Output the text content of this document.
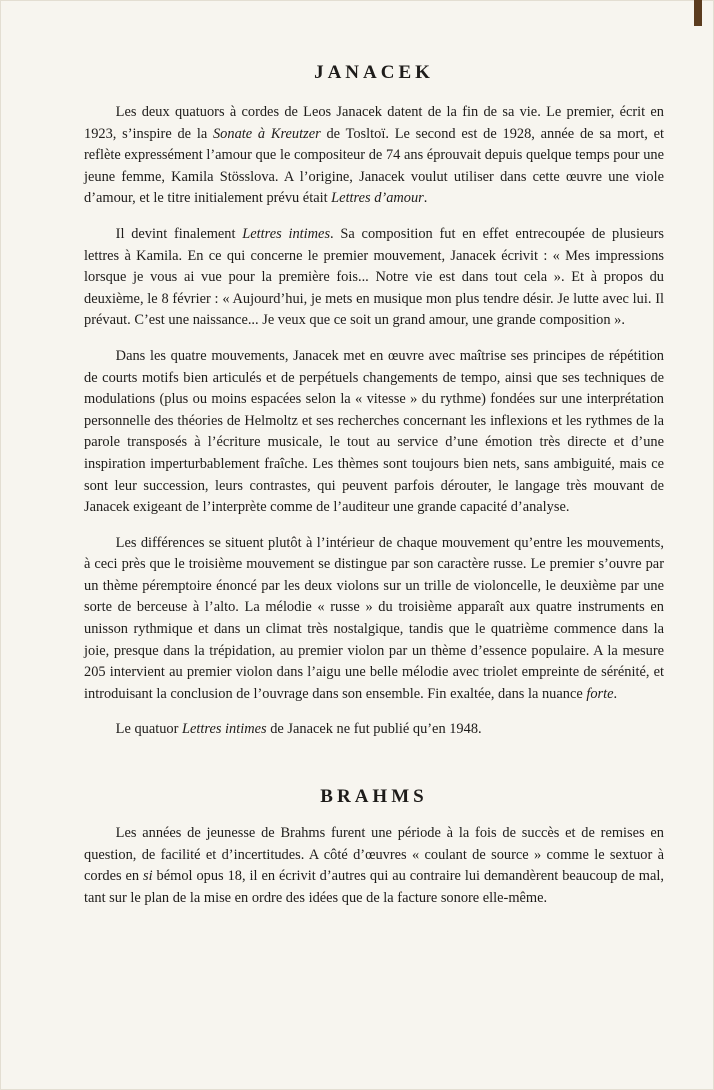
JANACEK

Les deux quatuors à cordes de Leos Janacek datent de la fin de sa vie. Le premier, écrit en 1923, s’inspire de la Sonate à Kreutzer de Tosltoï. Le second est de 1928, année de sa mort, et reflète expressément l’amour que le compositeur de 74 ans éprouvait depuis quelque temps pour une jeune femme, Kamila Stösslova. A l’origine, Janacek voulut utiliser dans cette œuvre une viole d’amour, et le titre initialement prévu était Lettres d’amour.

Il devint finalement Lettres intimes. Sa composition fut en effet entrecoupée de plusieurs lettres à Kamila. En ce qui concerne le premier mouvement, Janacek écrivit : « Mes impressions lorsque je vous ai vue pour la première fois... Notre vie est dans tout cela ». Et à propos du deuxième, le 8 février : « Aujourd’hui, je mets en musique mon plus tendre désir. Je lutte avec lui. Il prévaut. C’est une naissance... Je veux que ce soit un grand amour, une grande composition ».

Dans les quatre mouvements, Janacek met en œuvre avec maîtrise ses principes de répétition de courts motifs bien articulés et de perpétuels changements de tempo, ainsi que ses techniques de modulations (plus ou moins espacées selon la « vitesse » du rythme) fondées sur une interprétation personnelle des théories de Helmoltz et ses recherches concernant les inflexions et les rythmes de la parole transposés à l’écriture musicale, le tout au service d’une émotion très directe et d’une inspiration imperturbablement fraîche. Les thèmes sont toujours bien nets, sans ambiguité, mais ce sont leur succession, leurs contrastes, qui peuvent parfois dérouter, le langage très mouvant de Janacek exigeant de l’interprète comme de l’auditeur une grande capacité d’analyse.

Les différences se situent plutôt à l’intérieur de chaque mouvement qu’entre les mouvements, à ceci près que le troisième mouvement se distingue par son caractère russe. Le premier s’ouvre par un thème péremptoire énoncé par les deux violons sur un trille de violoncelle, le deuxième par une sorte de berceuse à l’alto. La mélodie « russe » du troisième apparaît aux quatre instruments en unisson rythmique et dans un climat très nostalgique, tandis que le quatrième commence dans la joie, presque dans la trépidation, au premier violon par un thème d’essence populaire. A la mesure 205 intervient au premier violon dans l’aigu une belle mélodie avec triolet empreinte de sérénité, et introduisant la conclusion de l’ouvrage dans son ensemble. Fin exaltée, dans la nuance forte.

Le quatuor Lettres intimes de Janacek ne fut publié qu’en 1948.

BRAHMS

Les années de jeunesse de Brahms furent une période à la fois de succès et de remises en question, de facilité et d’incertitudes. A côté d’œuvres « coulant de source » comme le sextuor à cordes en si bémol opus 18, il en écrivit d’autres qui au contraire lui demandèrent beaucoup de mal, tant sur le plan de la mise en ordre des idées que de la facture sonore elle-même.
